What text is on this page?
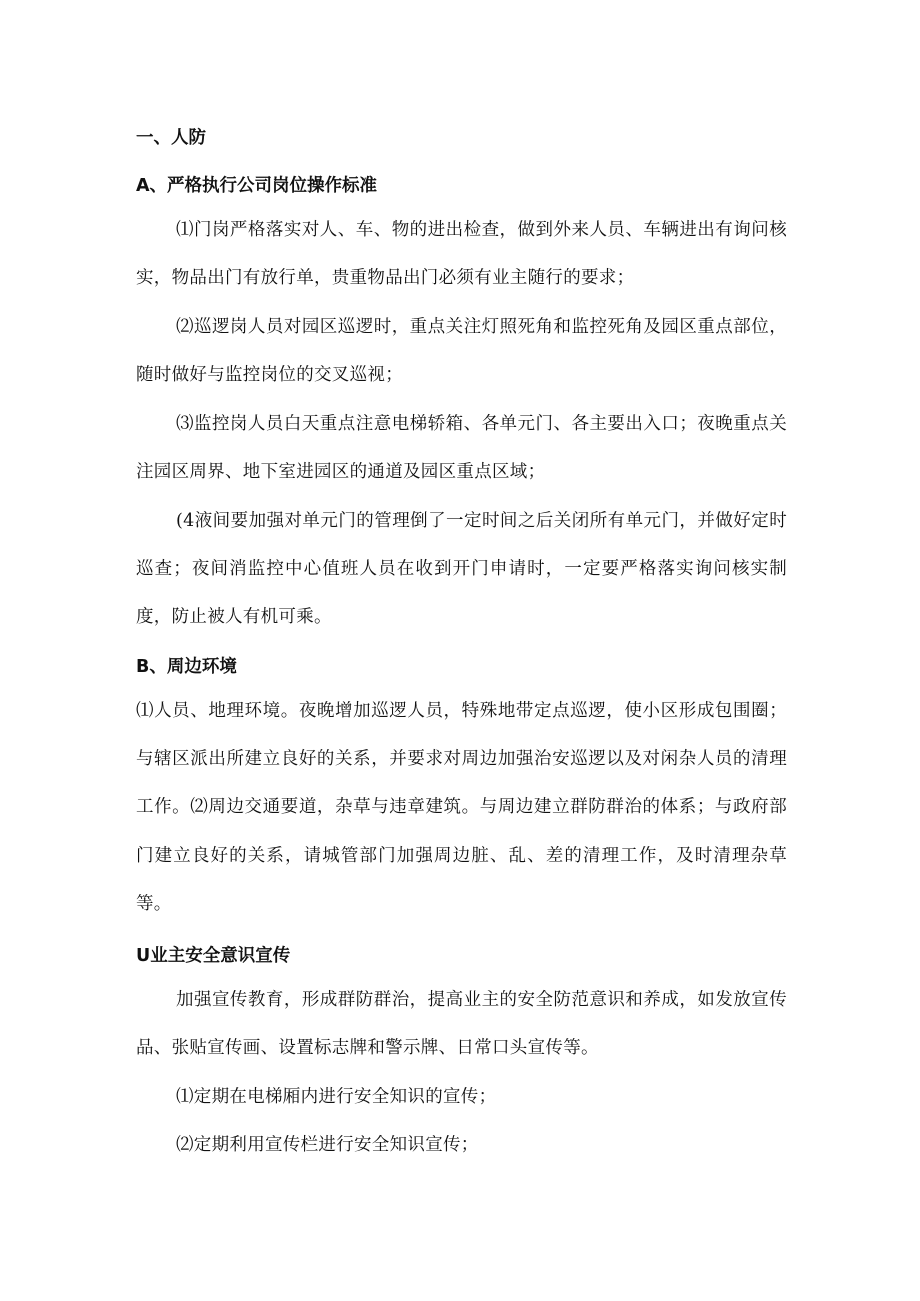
一、人防
A、严格执行公司岗位操作标准
⑴门岗严格落实对人、车、物的进出检查，做到外来人员、车辆进出有询问核实，物品出门有放行单，贵重物品出门必须有业主随行的要求；
⑵巡逻岗人员对园区巡逻时，重点关注灯照死角和监控死角及园区重点部位，随时做好与监控岗位的交叉巡视；
⑶监控岗人员白天重点注意电梯轿箱、各单元门、各主要出入口；夜晚重点关注园区周界、地下室进园区的通道及园区重点区域；
(4液间要加强对单元门的管理倒了一定时间之后关闭所有单元门，并做好定时巡查；夜间消监控中心值班人员在收到开门申请时，一定要严格落实询问核实制度，防止被人有机可乘。
B、周边环境
⑴人员、地理环境。夜晚增加巡逻人员，特殊地带定点巡逻，使小区形成包围圈；与辖区派出所建立良好的关系，并要求对周边加强治安巡逻以及对闲杂人员的清理工作。⑵周边交通要道，杂草与违章建筑。与周边建立群防群治的体系；与政府部门建立良好的关系，请城管部门加强周边脏、乱、差的清理工作，及时清理杂草等。
U业主安全意识宣传
加强宣传教育，形成群防群治，提高业主的安全防范意识和养成，如发放宣传品、张贴宣传画、设置标志牌和警示牌、日常口头宣传等。
⑴定期在电梯厢内进行安全知识的宣传；
⑵定期利用宣传栏进行安全知识宣传；
